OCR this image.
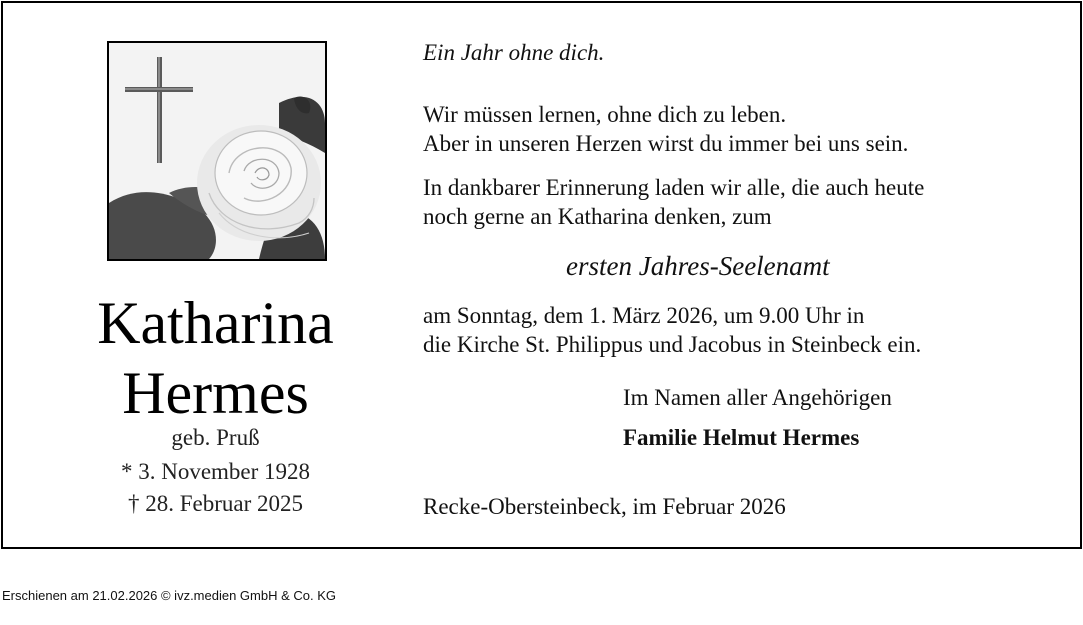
Katharina
Hermes
geb. Pruß
* 3. November 1928
† 28. Februar 2025
Ein Jahr ohne dich.
Wir müssen lernen, ohne dich zu leben.
Aber in unseren Herzen wirst du immer bei uns sein.
In dankbarer Erinnerung laden wir alle, die auch heute
noch gerne an Katharina denken, zum
ersten Jahres-Seelenamt
am Sonntag, dem 1. März 2026, um 9.00 Uhr in
die Kirche St. Philippus und Jacobus in Steinbeck ein.
Im Namen aller Angehörigen
Familie Helmut Hermes
Recke-Obersteinbeck, im Februar 2026
Erschienen am 21.02.2026 © ivz.medien GmbH & Co. KG
